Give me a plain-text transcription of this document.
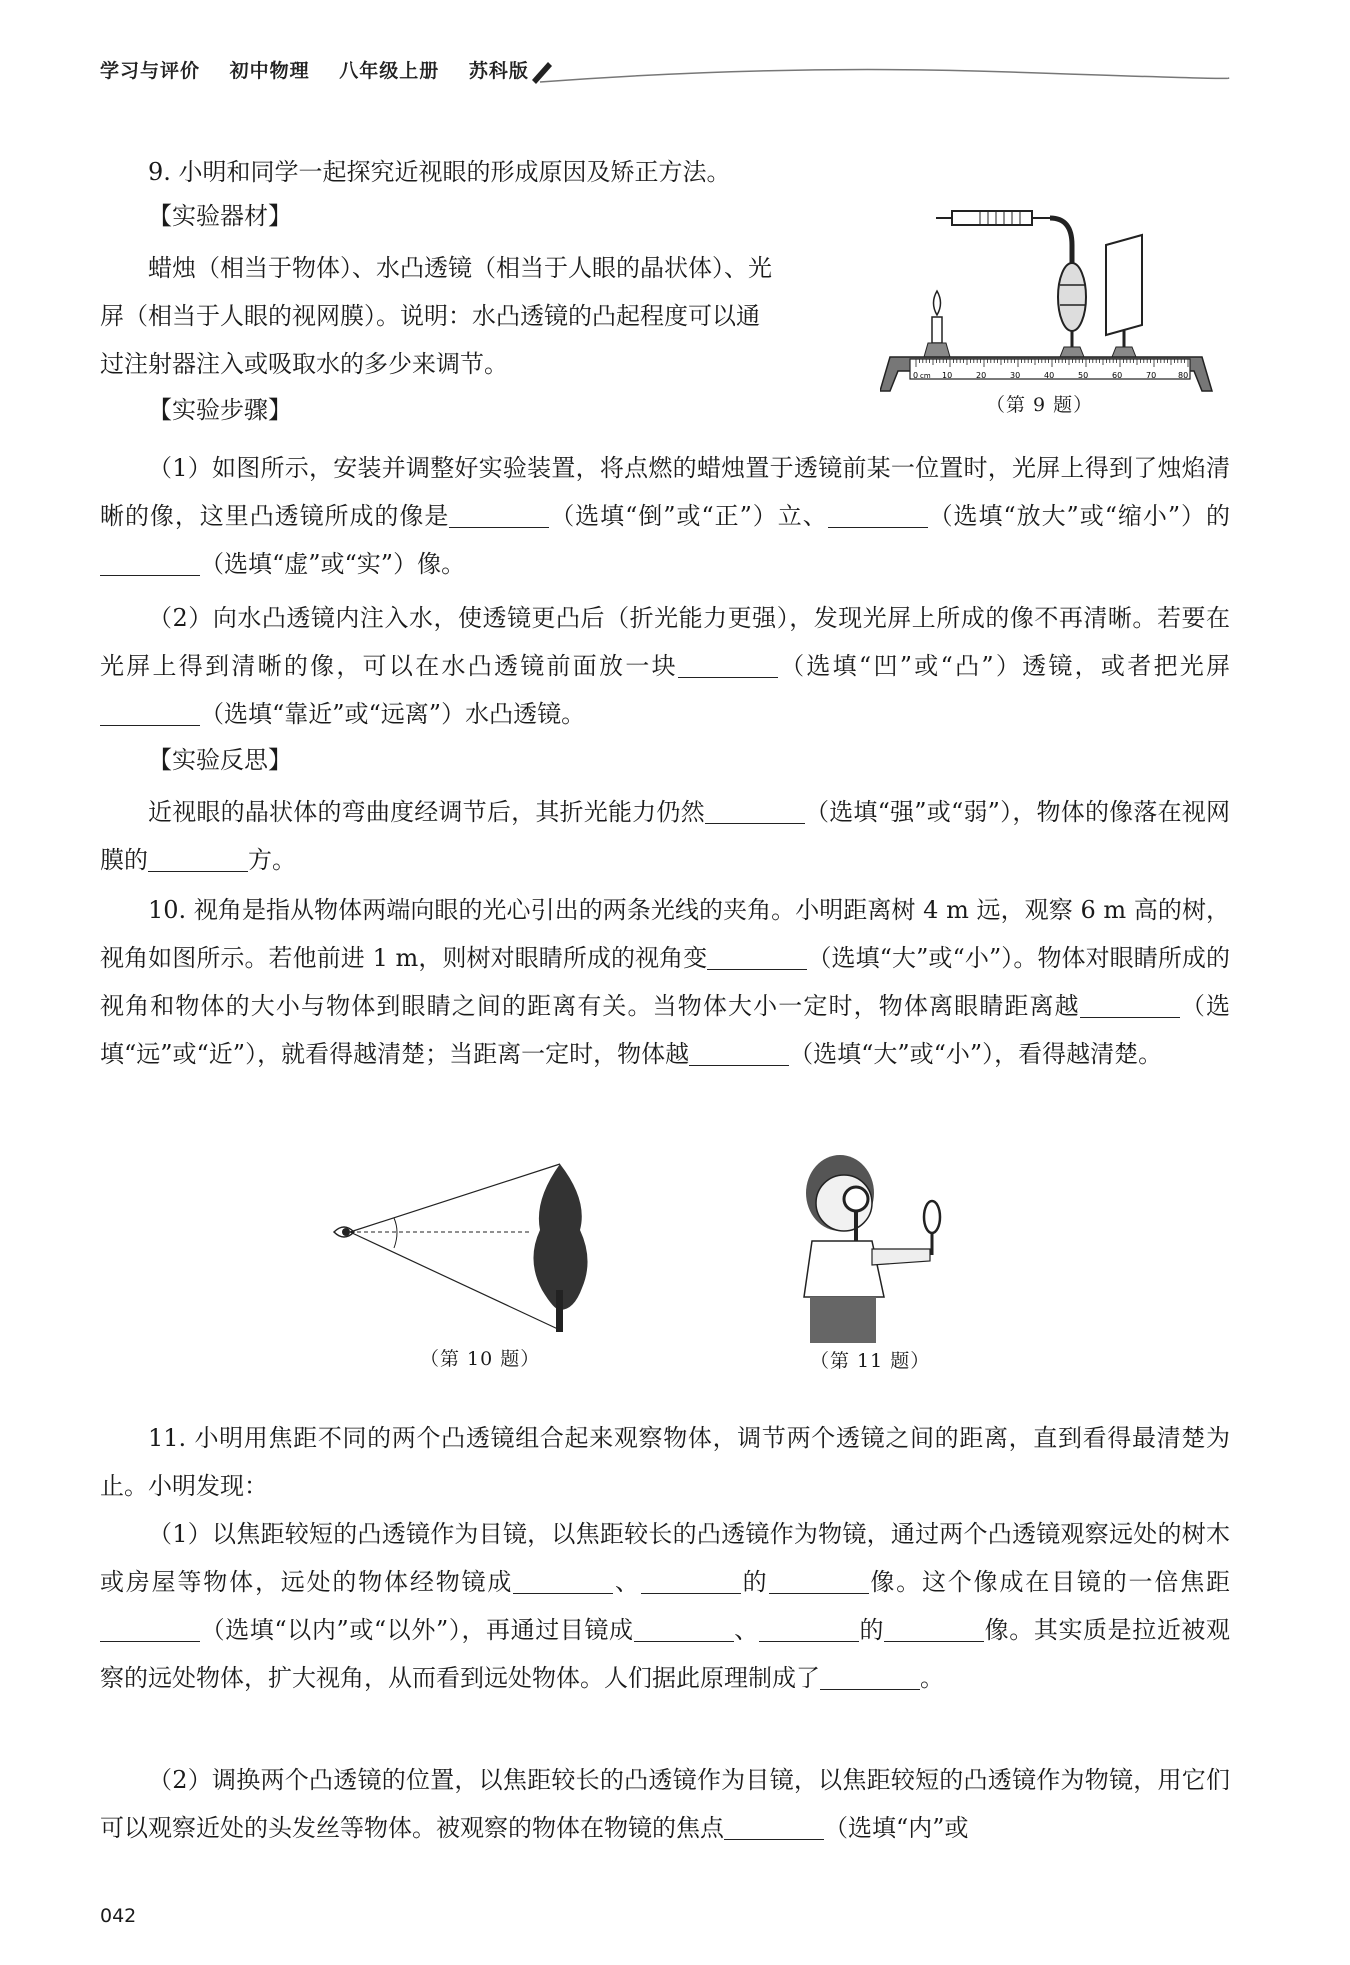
学习与评价 初中物理 八年级上册 苏科版

9. 小明和同学一起探究近视眼的形成原因及矫正方法。

【实验器材】

蜡烛（相当于物体）、水凸透镜（相当于人眼的晶状体）、光

屏（相当于人眼的视网膜）。说明：水凸透镜的凸起程度可以通

过注射器注入或吸取水的多少来调节。

【实验步骤】
0 cm 10	20	30	40	50	60	70	80
（第 9 题）

（1）如图所示，安装并调整好实验装置，将点燃的蜡烛置于透镜前某一位置时，光屏上得到了烛焰清晰的像，这里凸透镜所成的像是	（选填“倒”或“正”）立、	（选填“放大”或“缩小”）的（选填“虚”或“实”）像。

（2）向水凸透镜内注入水，使透镜更凸后（折光能力更强），发现光屏上所成的像不再清晰。若要在光屏上得到清晰的像，可以在水凸透镜前面放一块	（选填“凹”或“凸”）透镜，或者把光屏（选填“靠近”或“远离”）水凸透镜。

【实验反思】

近视眼的晶状体的弯曲度经调节后，其折光能力仍然	（选填“强”或“弱”），物体的像落在视网膜的	方。

10. 视角是指从物体两端向眼的光心引出的两条光线的夹角。小明距离树 4 m 远，观察 6 m 高的树，视角如图所示。若他前进 1 m，则树对眼睛所成的视角变	（选填“大”或“小”）。物体对眼睛所成的视角和物体的大小与物体到眼睛之间的距离有关。当物体大小一定时，物体离眼睛距离越	（选填“远”或“近”），就看得越清楚；当距离一定时，物体越	（选填“大”或“小”），看得越清楚。

（第 10 题）	（第 11 题）

11. 小明用焦距不同的两个凸透镜组合起来观察物体，调节两个透镜之间的距离，直到看得最清楚为止。小明发现：

（1）以焦距较短的凸透镜作为目镜，以焦距较长的凸透镜作为物镜，通过两个凸透镜观察远处的树木或房屋等物体，远处的物体经物镜成	、	的	像。这个像成在目镜的一倍焦距（选填“以内”或“以外”），再通过目镜成	、	的	像。其实质是拉近被观察的远处物体，扩大视角，从而看到远处物体。人们据此原理制成了	。

（2）调换两个凸透镜的位置，以焦距较长的凸透镜作为目镜，以焦距较短的凸透镜作为物镜，用它们可以观察近处的头发丝等物体。被观察的物体在物镜的焦点	（选填“内”或

042
